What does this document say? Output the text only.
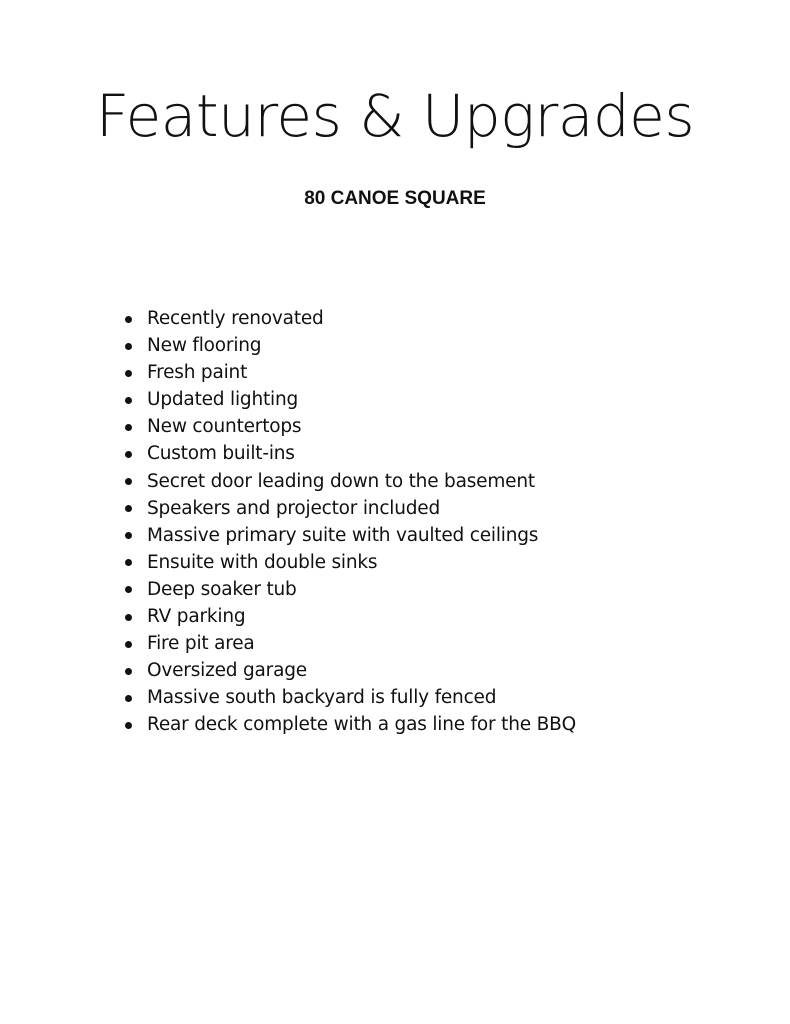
Features & Upgrades
80 CANOE SQUARE
Recently renovated
New flooring
Fresh paint
Updated lighting
New countertops
Custom built-ins
Secret door leading down to the basement
Speakers and projector included
Massive primary suite with vaulted ceilings
Ensuite with double sinks
Deep soaker tub
RV parking
Fire pit area
Oversized garage
Massive south backyard is fully fenced
Rear deck complete with a gas line for the BBQ
